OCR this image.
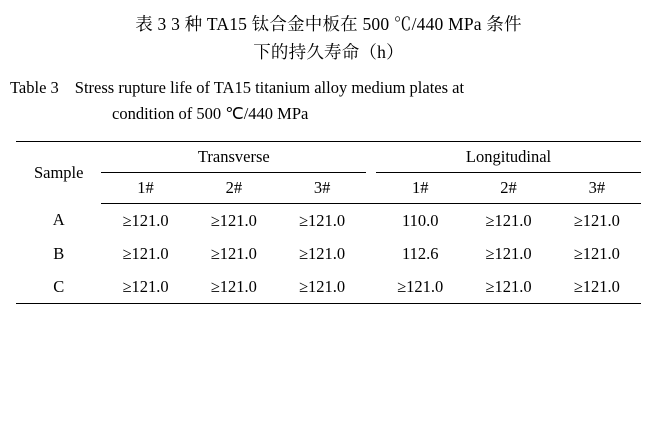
表 3 3 种 TA15 钛合金中板在 500 ℃/440 MPa 条件
下的持久寿命（h）
Table 3 Stress rupture life of TA15 titanium alloy medium plates at
condition of 500 ℃/440 MPa
Sample	Transverse				Longitudinal		
	1#	2#	3#		1#	2#	3#
A	≥121.0	≥121.0	≥121.0		110.0	≥121.0	≥121.0
B	≥121.0	≥121.0	≥121.0		112.6	≥121.0	≥121.0
C	≥121.0	≥121.0	≥121.0		≥121.0	≥121.0	≥121.0
